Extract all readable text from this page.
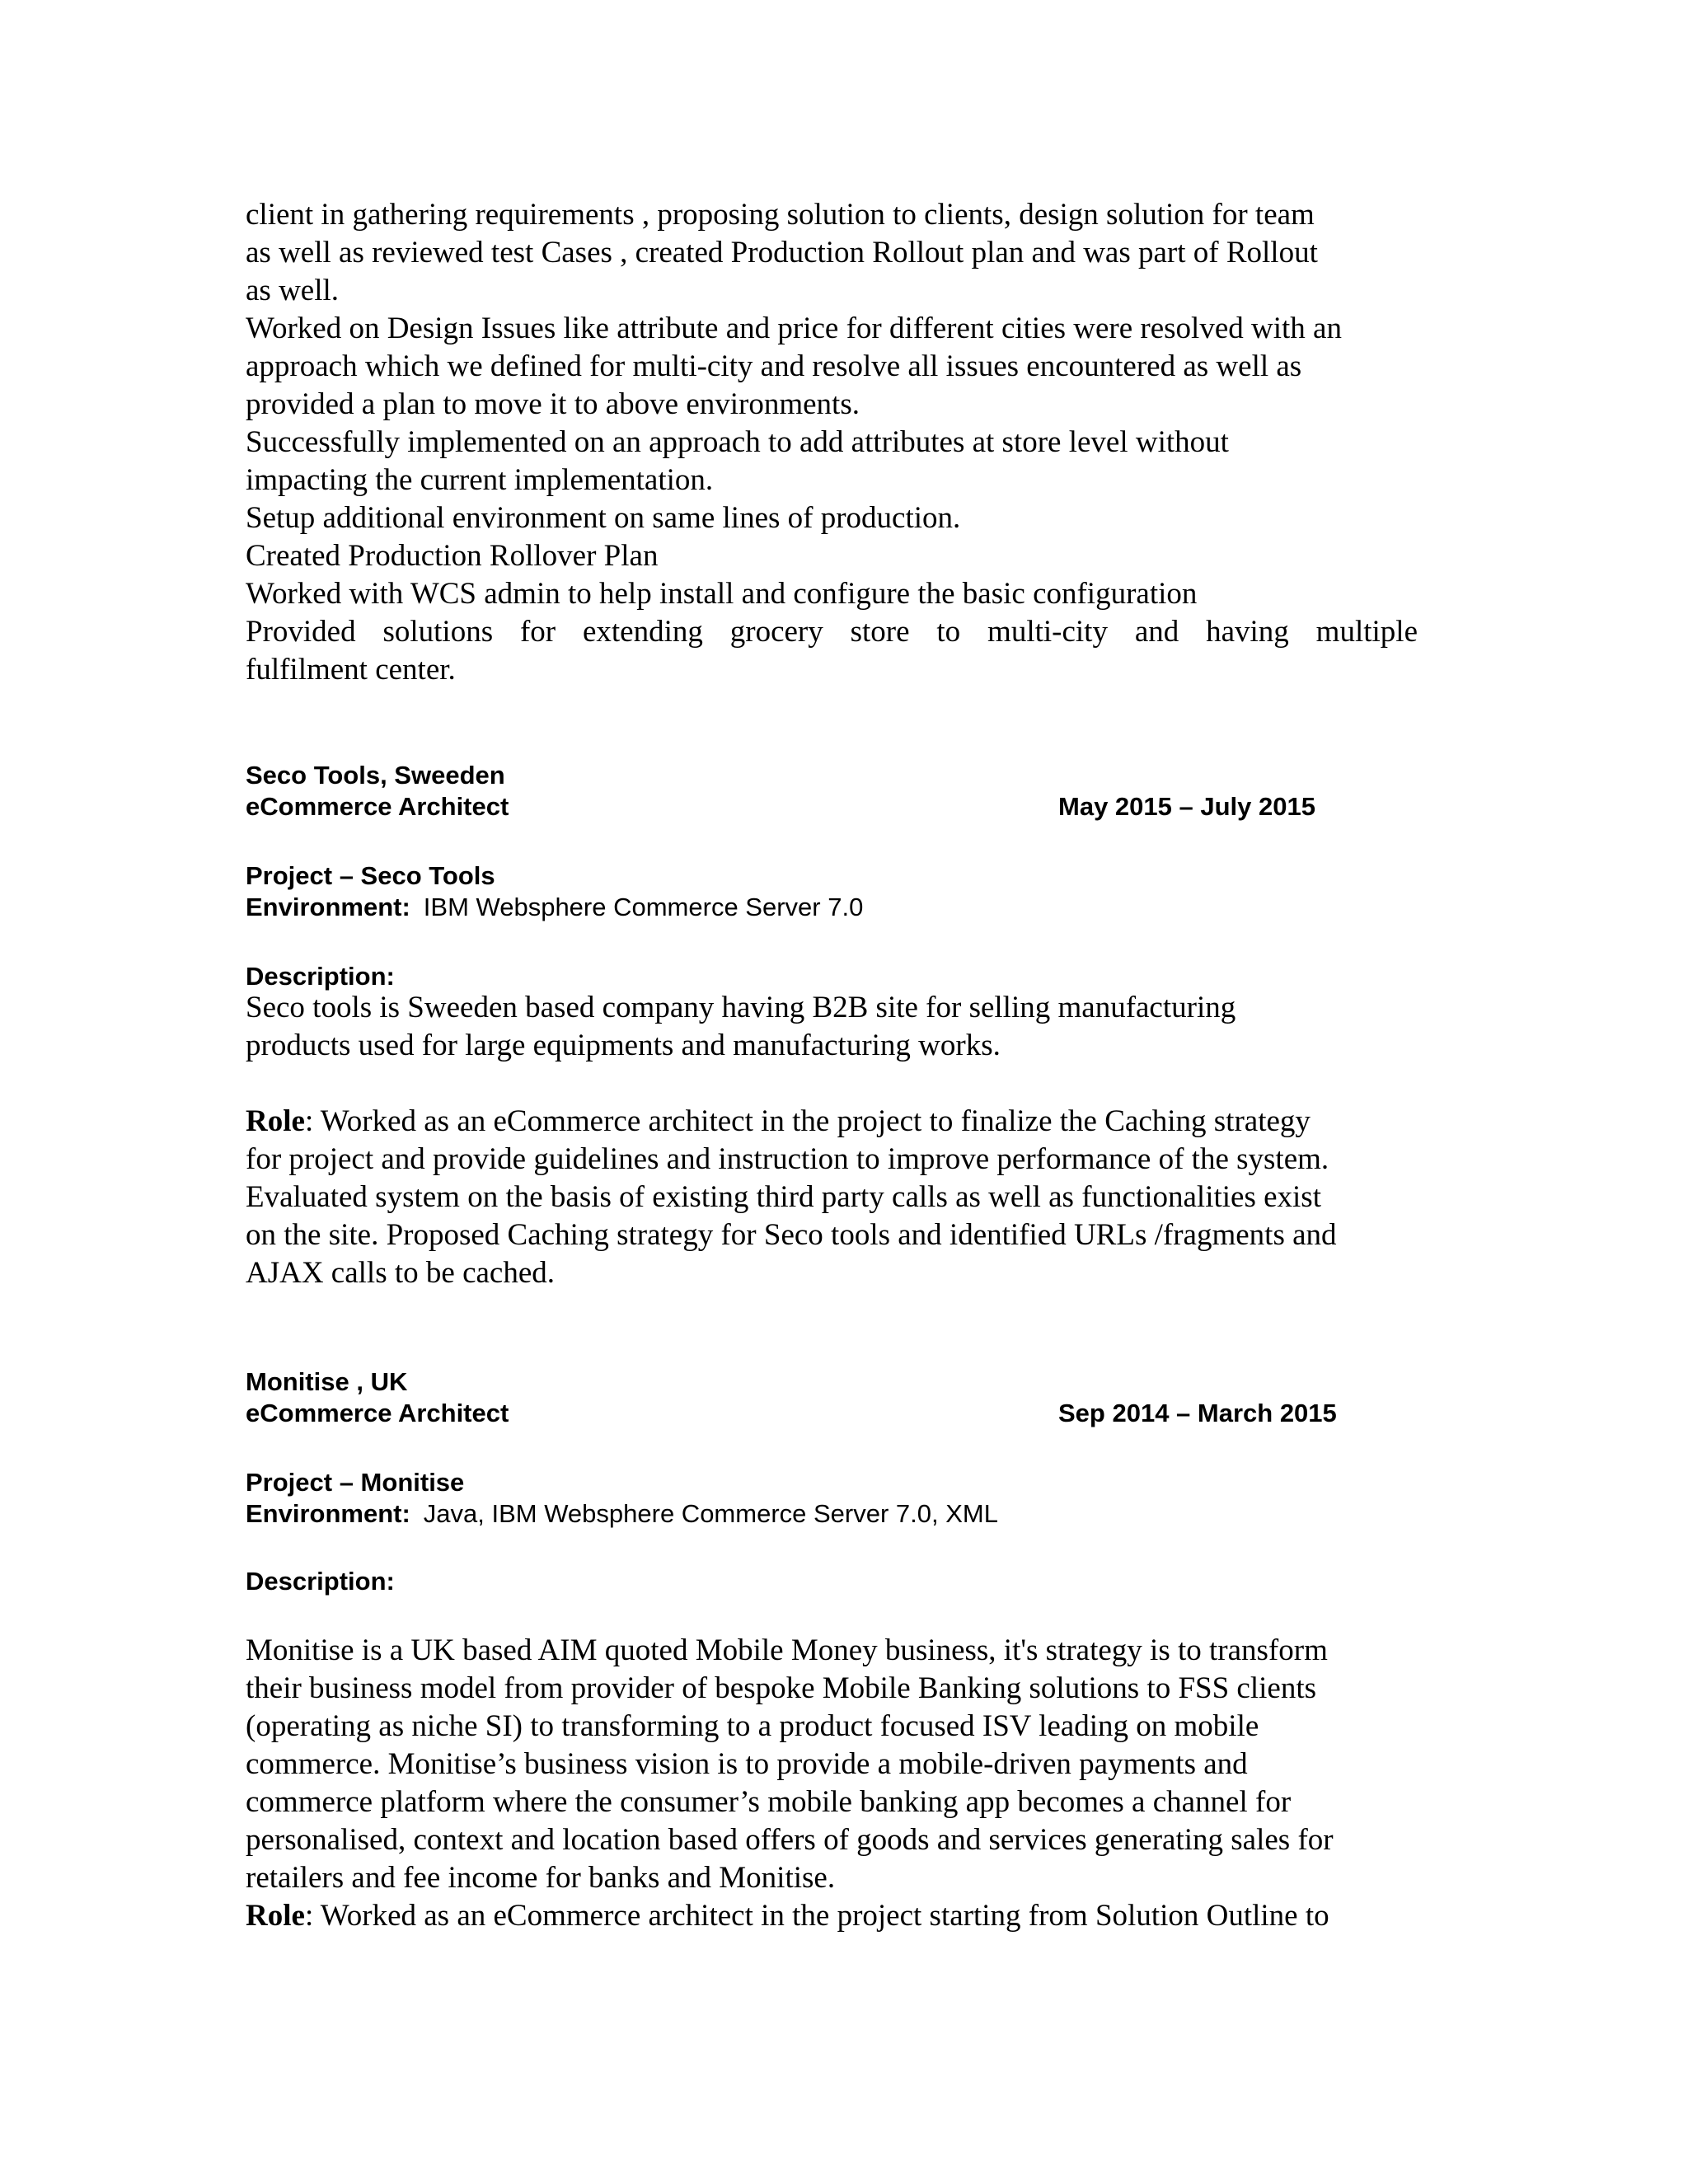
client in gathering requirements , proposing solution to clients, design solution for team
as well as reviewed test Cases , created Production Rollout plan and was part of Rollout
as well.
Worked on Design Issues like attribute and price for different cities were resolved with an
approach which we defined for multi-city and resolve all issues encountered as well as
provided a plan to move it to above environments.
Successfully implemented on an approach to add attributes at store level without
impacting the current implementation.
Setup additional environment on same lines of production.
Created Production Rollover Plan
Worked with WCS admin to help install and configure the basic configuration
Provided solutions for extending grocery store to multi-city and having multiple
fulfilment center.
Seco Tools, Sweeden
eCommerce Architect	May 2015 – July 2015
Project – Seco Tools
Environment: IBM Websphere Commerce Server 7.0
Description:
Seco tools is Sweeden based company having B2B site for selling manufacturing
products used for large equipments and manufacturing works.
Role: Worked as an eCommerce architect in the project to finalize the Caching strategy
for project and provide guidelines and instruction to improve performance of the system.
Evaluated system on the basis of existing third party calls as well as functionalities exist
on the site. Proposed Caching strategy for Seco tools and identified URLs /fragments and
AJAX calls to be cached.
Monitise , UK
eCommerce Architect	Sep 2014 – March 2015
Project – Monitise
Environment: Java, IBM Websphere Commerce Server 7.0, XML
Description:
Monitise is a UK based AIM quoted Mobile Money business, it's strategy is to transform
their business model from provider of bespoke Mobile Banking solutions to FSS clients
(operating as niche SI) to transforming to a product focused ISV leading on mobile
commerce. Monitise’s business vision is to provide a mobile-driven payments and
commerce platform where the consumer’s mobile banking app becomes a channel for
personalised, context and location based offers of goods and services generating sales for
retailers and fee income for banks and Monitise.
Role: Worked as an eCommerce architect in the project starting from Solution Outline to
